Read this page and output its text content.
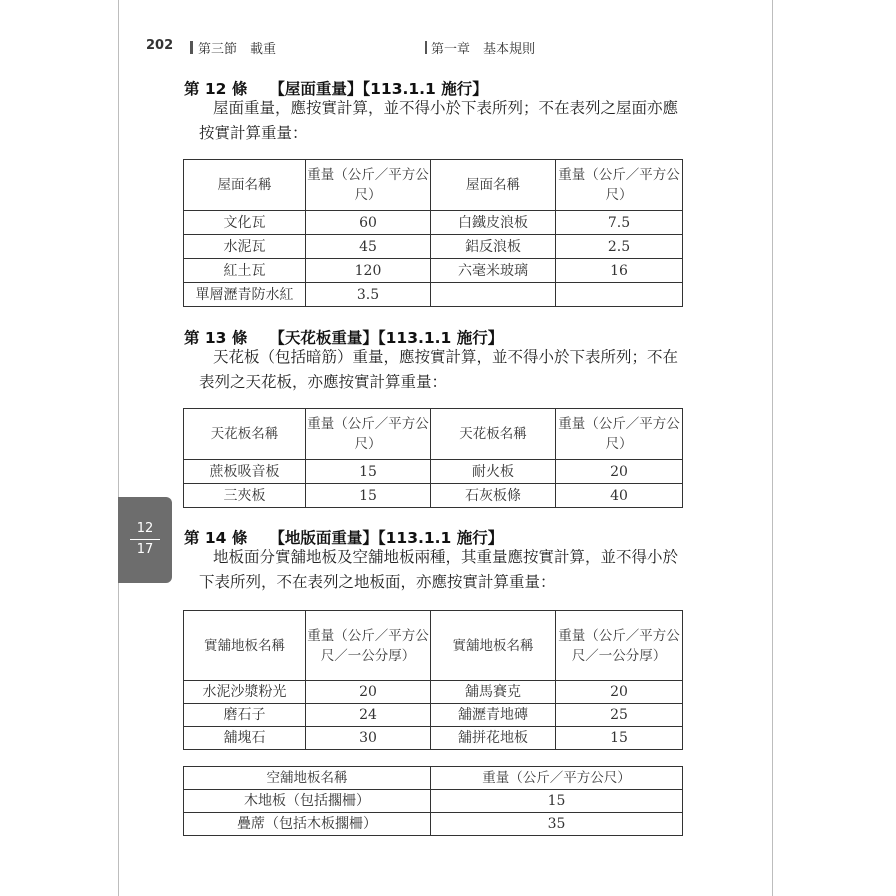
202	第三節　載重	第一章　基本規則
12
17
第 12 條 【屋面重量】【113.1.1 施行】
屋面重量，應按實計算，並不得小於下表所列；不在表列之屋面亦應按實計算重量：
屋面名稱	重量（公斤／平方公尺）	屋面名稱	重量（公斤／平方公尺）
文化瓦	60	白鐵皮浪板	7.5
水泥瓦	45	鋁反浪板	2.5
紅土瓦	120	六毫米玻璃	16
單層瀝青防水紅	3.5		
第 13 條 【天花板重量】【113.1.1 施行】
天花板（包括暗筋）重量，應按實計算，並不得小於下表所列；不在表列之天花板，亦應按實計算重量：
天花板名稱	重量（公斤／平方公尺）	天花板名稱	重量（公斤／平方公尺）
蔗板吸音板	15	耐火板	20
三夾板	15	石灰板條	40
第 14 條 【地版面重量】【113.1.1 施行】
地板面分實舖地板及空舖地板兩種，其重量應按實計算，並不得小於下表所列，不在表列之地板面，亦應按實計算重量：
實舖地板名稱	重量（公斤／平方公尺／一公分厚）	實舖地板名稱	重量（公斤／平方公尺／一公分厚）
水泥沙漿粉光	20	舖馬賽克	20
磨石子	24	舖瀝青地磚	25
舖塊石	30	舖拼花地板	15
空舖地板名稱	重量（公斤／平方公尺）
木地板（包括擱柵）	15
疊蓆（包括木板擱柵）	35
